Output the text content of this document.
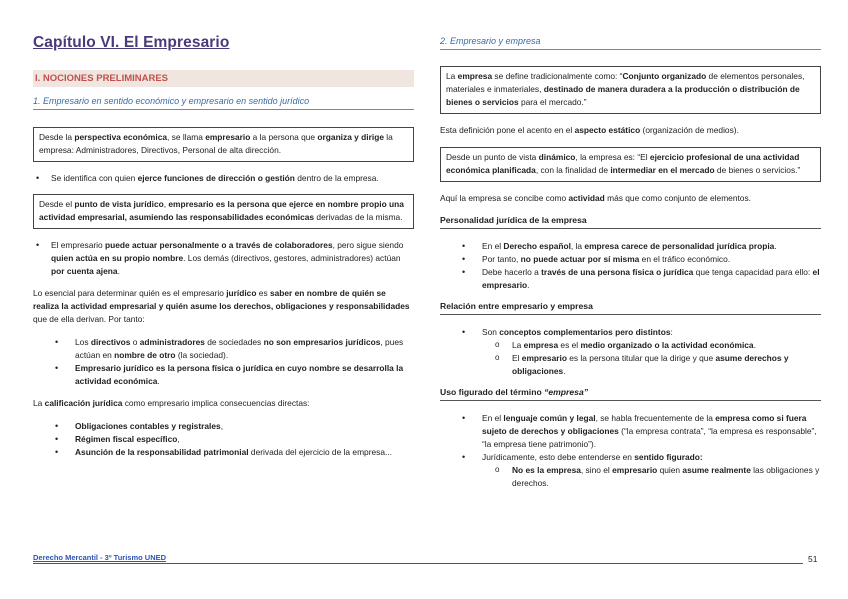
Capítulo VI. El Empresario
I. NOCIONES PRELIMINARES
1. Empresario en sentido económico y empresario en sentido jurídico
Desde la perspectiva económica, se llama empresario a la persona que organiza y dirige la empresa: Administradores, Directivos, Personal de alta dirección.
• Se identifica con quien ejerce funciones de dirección o gestión dentro de la empresa.
Desde el punto de vista jurídico, empresario es la persona que ejerce en nombre propio una actividad empresarial, asumiendo las responsabilidades económicas derivadas de la misma.
• El empresario puede actuar personalmente o a través de colaboradores, pero sigue siendo quien actúa en su propio nombre. Los demás (directivos, gestores, administradores) actúan por cuenta ajena.

Lo esencial para determinar quién es el empresario jurídico es saber en nombre de quién se realiza la actividad empresarial y quién asume los derechos, obligaciones y responsabilidades que de ella derivan. Por tanto:

• Los directivos o administradores de sociedades no son empresarios jurídicos, pues actúan en nombre de otro (la sociedad).
• Empresario jurídico es la persona física o jurídica en cuyo nombre se desarrolla la actividad económica.

La calificación jurídica como empresario implica consecuencias directas:

• Obligaciones contables y registrales,
• Régimen fiscal específico,
• Asunción de la responsabilidad patrimonial derivada del ejercicio de la empresa...
2. Empresario y empresa
La empresa se define tradicionalmente como: “Conjunto organizado de elementos personales, materiales e inmateriales, destinado de manera duradera a la producción o distribución de bienes o servicios para el mercado.”

Esta definición pone el acento en el aspecto estático (organización de medios).

Desde un punto de vista dinámico, la empresa es: “El ejercicio profesional de una actividad económica planificada, con la finalidad de intermediar en el mercado de bienes o servicios.”

Aquí la empresa se concibe como actividad más que como conjunto de elementos.

Personalidad jurídica de la empresa
• En el Derecho español, la empresa carece de personalidad jurídica propia.
• Por tanto, no puede actuar por sí misma en el tráfico económico.
• Debe hacerlo a través de una persona física o jurídica que tenga capacidad para ello: el empresario.
Relación entre empresario y empresa
• Son conceptos complementarios pero distintos:
o La empresa es el medio organizado o la actividad económica.
o El empresario es la persona titular que la dirige y que asume derechos y obligaciones.
Uso figurado del término “empresa”
• En el lenguaje común y legal, se habla frecuentemente de la empresa como si fuera sujeto de derechos y obligaciones (“la empresa contrata”, “la empresa es responsable”, “la empresa tiene patrimonio”).
• Jurídicamente, esto debe entenderse en sentido figurado:
o No es la empresa, sino el empresario quien asume realmente las obligaciones y derechos.
Derecho Mercantil - 3º Turismo UNED	51
